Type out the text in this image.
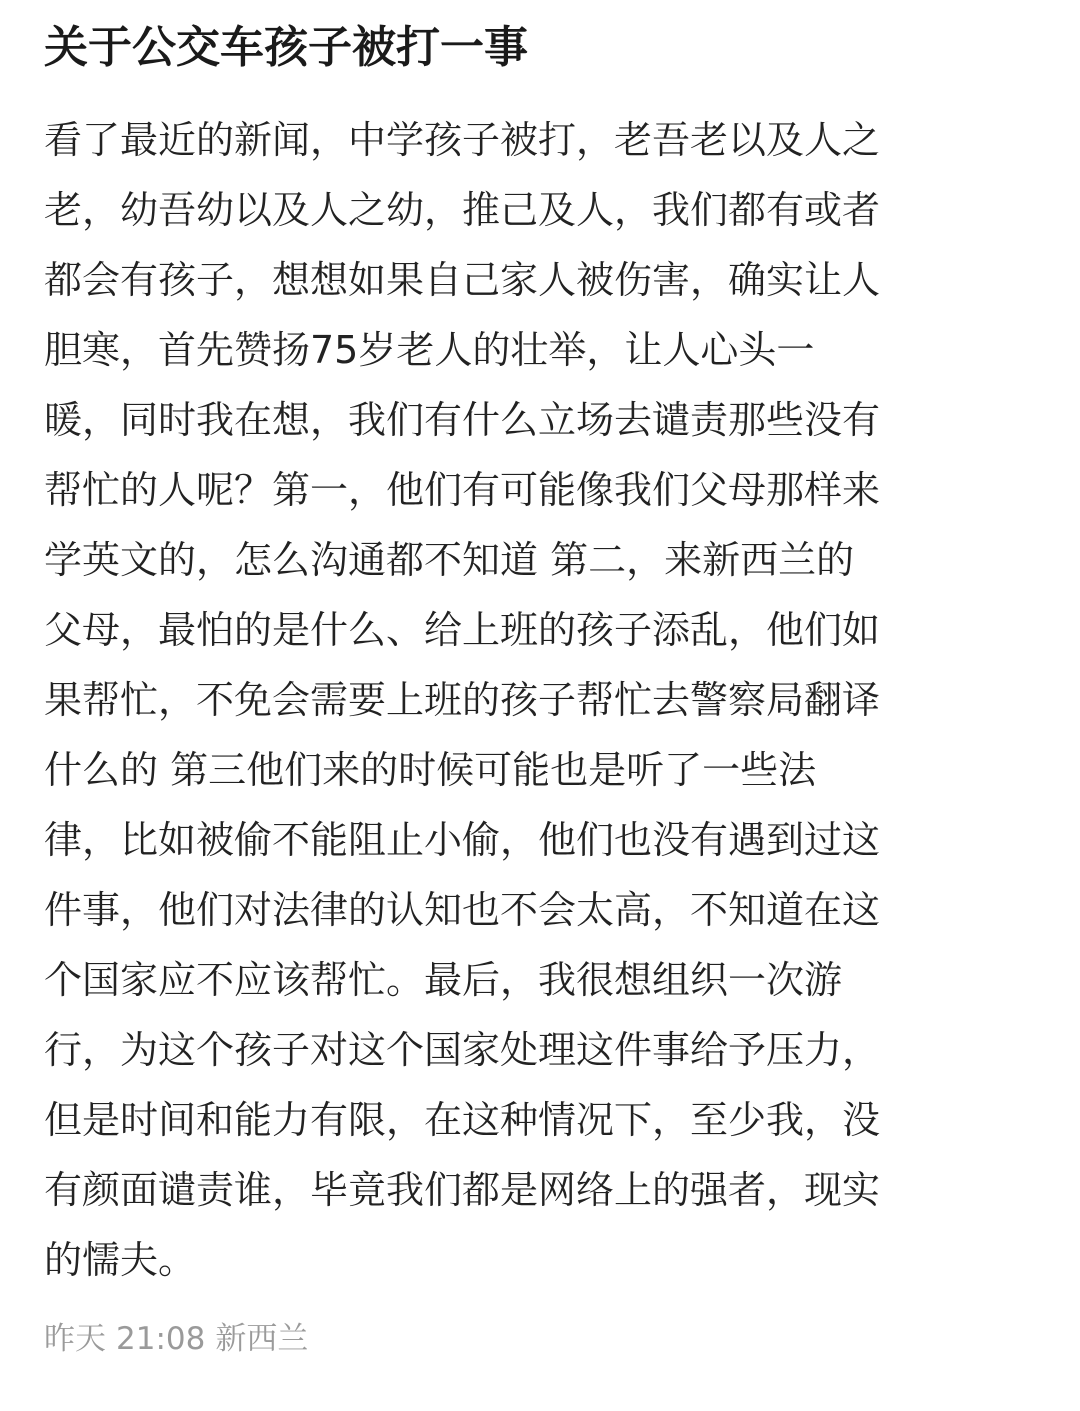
关于公交车孩子被打一事
看了最近的新闻，中学孩子被打，老吾老以及人之
老，幼吾幼以及人之幼，推己及人，我们都有或者
都会有孩子，想想如果自己家人被伤害，确实让人
胆寒，首先赞扬75岁老人的壮举，让人心头一
暖，同时我在想，我们有什么立场去谴责那些没有
帮忙的人呢？第一，他们有可能像我们父母那样来
学英文的，怎么沟通都不知道 第二，来新西兰的
父母，最怕的是什么、给上班的孩子添乱，他们如
果帮忙，不免会需要上班的孩子帮忙去警察局翻译
什么的 第三他们来的时候可能也是听了一些法
律，比如被偷不能阻止小偷，他们也没有遇到过这
件事，他们对法律的认知也不会太高，不知道在这
个国家应不应该帮忙。最后，我很想组织一次游
行，为这个孩子对这个国家处理这件事给予压力，
但是时间和能力有限，在这种情况下，至少我，没
有颜面谴责谁，毕竟我们都是网络上的强者，现实
的懦夫。
昨天 21:08 新西兰
